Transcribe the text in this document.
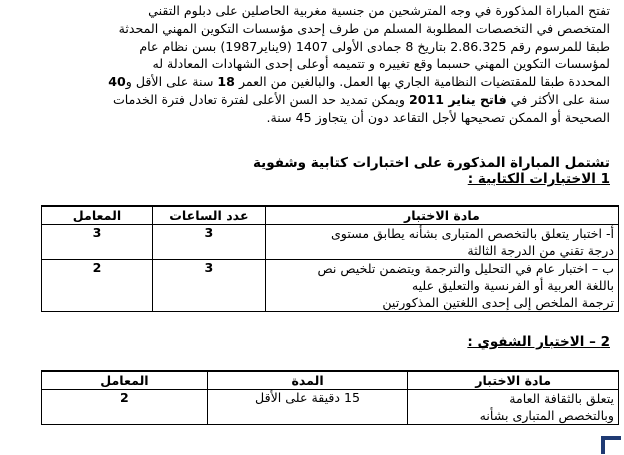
تفتح المباراة المذكورة في وجه المترشحين من جنسية مغربية الحاصلين على دبلوم التقني

المتخصص في التخصصات المطلوبة المسلم من طرف إحدى مؤسسات التكوين المهني المحدثة

طبقا للمرسوم رقم 2.86.325 بتاريخ 8 جمادى الأولى 1407 (9يناير1987) بسن نظام عام

لمؤسسات التكوين المهني حسبما وقع تغييره و تتميمه أوعلى إحدى الشهادات المعادلة له

المحددة طبقا للمقتضيات النظامية الجاري بها العمل. والبالغين من العمر 18 سنة على الأقل و40

سنة على الأكثر في فاتح يناير 2011 ويمكن تمديد حد السن الأعلى لفترة تعادل فترة الخدمات

الصحيحة أو الممكن تصحيحها لأجل التقاعد دون أن يتجاوز 45 سنة.

تشتمل المباراة المذكورة على اختبارات كتابية وشفوية
1 الاختبارات الكتابية :
مادة الاختبار	عدد الساعات	المعامل

أ- اختبار يتعلق بالتخصص المتبارى بشأنه يطابق مستوى
درجة تقني من الدرجة الثالثة	3	3

ب – اختبار عام في التحليل والترجمة ويتضمن تلخيص نص
باللغة العربية أو الفرنسية والتعليق عليه
ترجمة الملخص إلى إحدى اللغتين المذكورتين	3	2
2 – الاختبار الشفوي :
مادة الاختبار	المدة	المعامل

يتعلق بالثقافة العامة
وبالتخصص المتبارى بشأنه	15 دقيقة على الأقل	2
